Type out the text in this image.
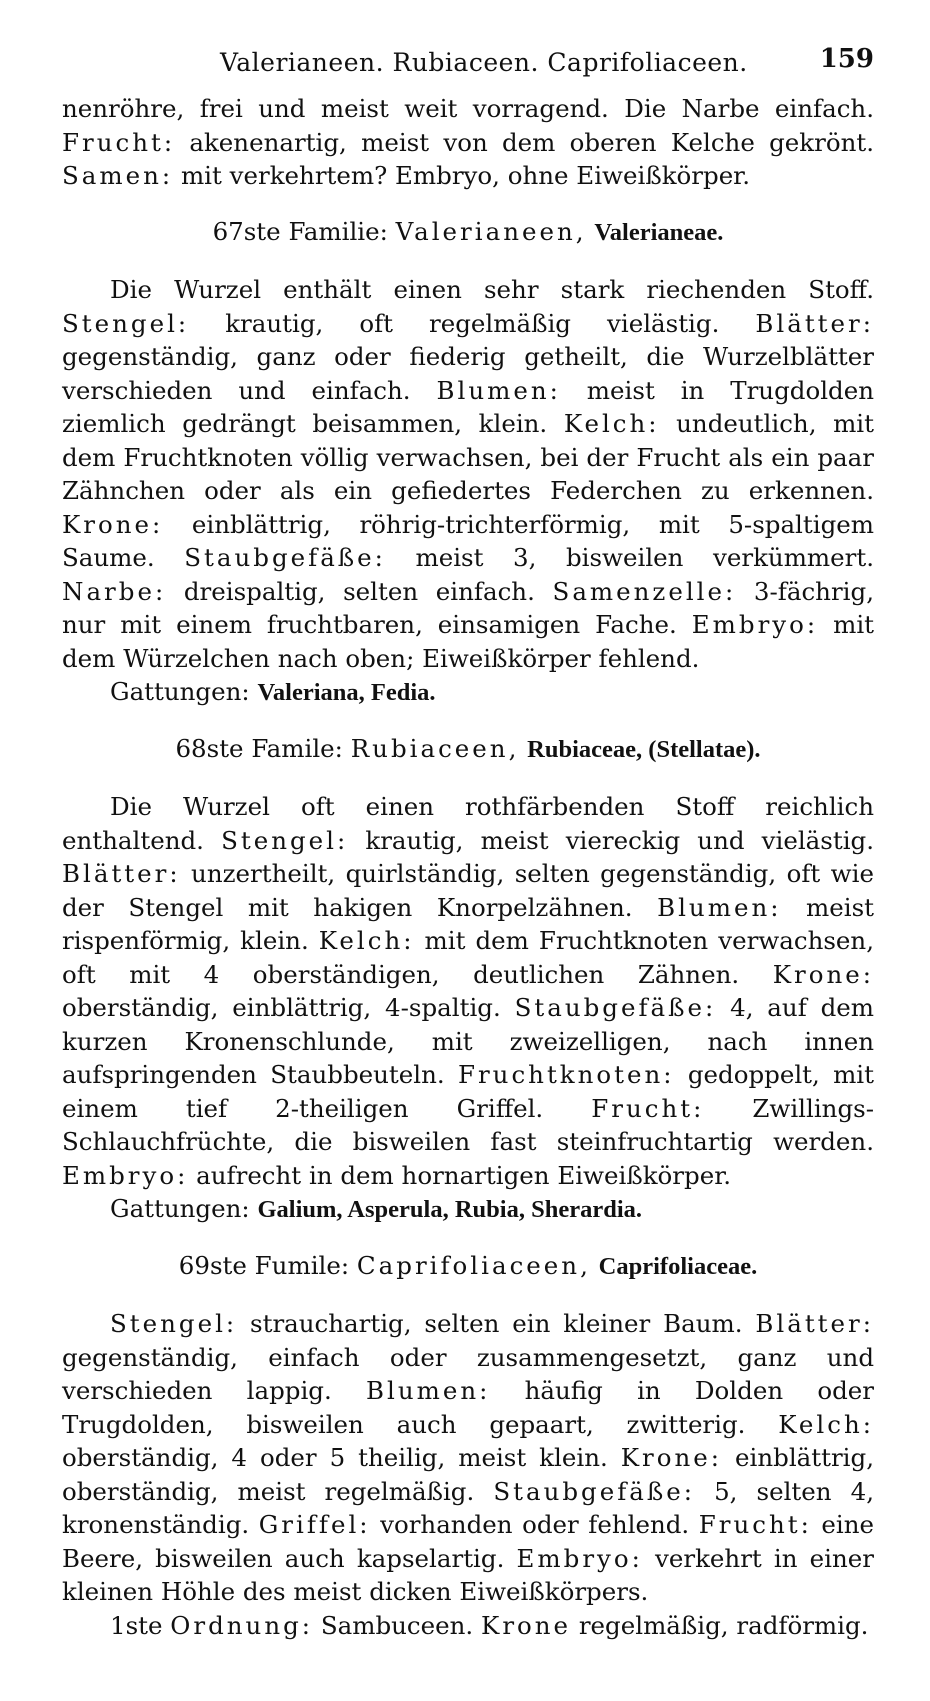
Valerianeen. Rubiaceen. Caprifoliaceen.	159

nenröhre, frei und meist weit vorragend. Die Narbe einfach. Frucht: akenenartig, meist von dem oberen Kelche gekrönt. Samen: mit verkehrtem? Embryo, ohne Eiweißkörper.

67ste Familie: Valerianeen, Valerianeae.

Die Wurzel enthält einen sehr stark riechenden Stoff. Stengel: krautig, oft regelmäßig vielästig. Blätter: gegenständig, ganz oder fiederig getheilt, die Wurzelblätter verschieden und einfach. Blumen: meist in Trugdolden ziemlich gedrängt beisammen, klein. Kelch: undeutlich, mit dem Fruchtknoten völlig verwachsen, bei der Frucht als ein paar Zähnchen oder als ein gefiedertes Federchen zu erkennen. Krone: einblättrig, röhrig-trichterförmig, mit 5-spaltigem Saume. Staubgefäße: meist 3, bisweilen verkümmert. Narbe: dreispaltig, selten einfach. Samenzelle: 3-fächrig, nur mit einem fruchtbaren, einsamigen Fache. Embryo: mit dem Würzelchen nach oben; Eiweißkörper fehlend.

Gattungen: Valeriana, Fedia.
68ste Famile: Rubiaceen, Rubiaceae, (Stellatae).

Die Wurzel oft einen rothfärbenden Stoff reichlich enthaltend. Stengel: krautig, meist viereckig und vielästig. Blätter: unzertheilt, quirlständig, selten gegenständig, oft wie der Stengel mit hakigen Knorpelzähnen. Blumen: meist rispenförmig, klein. Kelch: mit dem Fruchtknoten verwachsen, oft mit 4 oberständigen, deutlichen Zähnen. Krone: oberständig, einblättrig, 4-spaltig. Staubgefäße: 4, auf dem kurzen Kronenschlunde, mit zweizelligen, nach innen aufspringenden Staubbeuteln. Fruchtknoten: gedoppelt, mit einem tief 2-theiligen Griffel. Frucht: Zwillings-Schlauchfrüchte, die bisweilen fast steinfruchtartig werden. Embryo: aufrecht in dem hornartigen Eiweißkörper.

Gattungen: Galium, Asperula, Rubia, Sherardia.
69ste Fumile: Caprifoliaceen, Caprifoliaceae.

Stengel: strauchartig, selten ein kleiner Baum. Blätter: gegenständig, einfach oder zusammengesetzt, ganz und verschieden lappig. Blumen: häufig in Dolden oder Trugdolden, bisweilen auch gepaart, zwitterig. Kelch: oberständig, 4 oder 5 theilig, meist klein. Krone: einblättrig, oberständig, meist regelmäßig. Staubgefäße: 5, selten 4, kronenständig. Griffel: vorhanden oder fehlend. Frucht: eine Beere, bisweilen auch kapselartig. Embryo: verkehrt in einer kleinen Höhle des meist dicken Eiweißkörpers.

1ste Ordnung: Sambuceen. Krone regelmäßig, radförmig.
